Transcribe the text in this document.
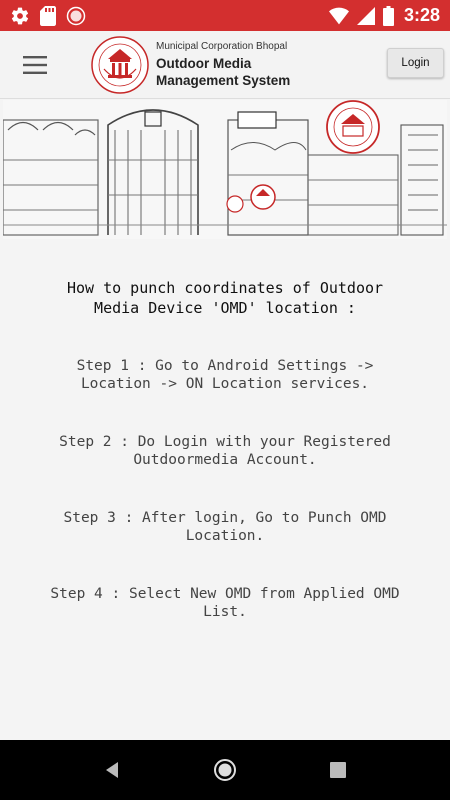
3:28
Municipal Corporation Bhopal
Outdoor Media
Management System
Login
How to punch coordinates of Outdoor
Media Device 'OMD' location :
Step 1 : Go to Android Settings ->
Location -> ON Location services.
Step 2 : Do Login with your Registered
Outdoormedia Account.
Step 3 : After login, Go to Punch OMD
Location.
Step 4 : Select New OMD from Applied OMD
List.
